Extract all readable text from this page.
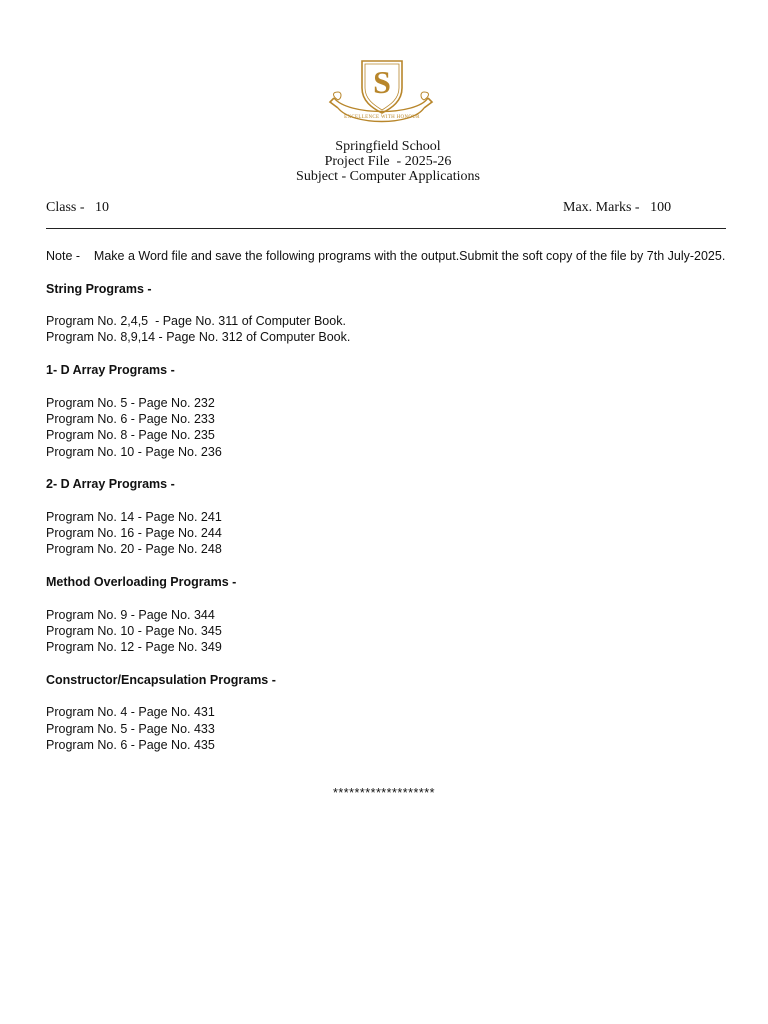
S
EXCELLENCE WITH HONOUR
Springfield School
Project File  - 2025-26
Subject - Computer Applications
Class -   10	Max. Marks -   100

Note -    Make a Word file and save the following programs with the output.Submit the soft copy of the file by 7th July-2025.

String Programs -

Program No. 2,4,5  - Page No. 311 of Computer Book.

Program No. 8,9,14 - Page No. 312 of Computer Book.

1- D Array Programs -

Program No. 5 - Page No. 232

Program No. 6 - Page No. 233

Program No. 8 - Page No. 235

Program No. 10 - Page No. 236

2- D Array Programs -

Program No. 14 - Page No. 241

Program No. 16 - Page No. 244

Program No. 20 - Page No. 248

Method Overloading Programs -

Program No. 9 - Page No. 344

Program No. 10 - Page No. 345

Program No. 12 - Page No. 349

Constructor/Encapsulation Programs -

Program No. 4 - Page No. 431

Program No. 5 - Page No. 433

Program No. 6 - Page No. 435

*******************
